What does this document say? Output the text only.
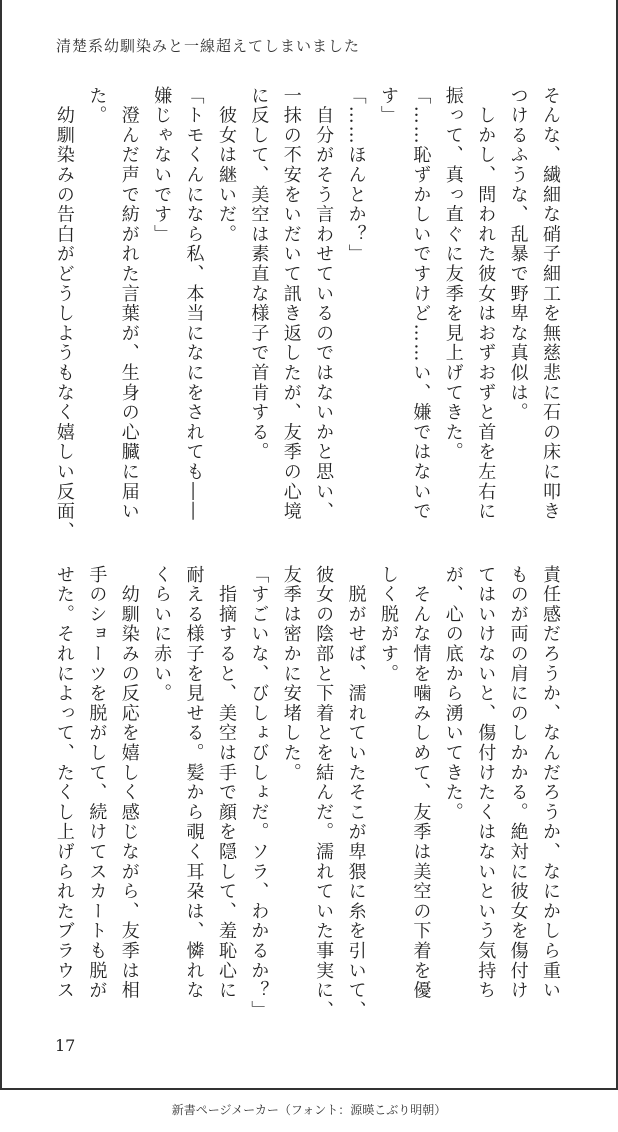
清楚系幼馴染みと一線超えてしまいました
そんな、繊細な硝子細工を無慈悲に石の床に叩き
つけるふうな、乱暴で野卑な真似は。
　しかし、問われた彼女はおずおずと首を左右に
振って、真っ直ぐに友季を見上げてきた。
「……恥ずかしいですけど……い、嫌ではないで
す」
「……ほんとか？」
　自分がそう言わせているのではないかと思い、
一抹の不安をいだいて訊き返したが、友季の心境
に反して、美空は素直な様子で首肯する。
　彼女は継いだ。
「トモくんになら私、本当になにをされても――
嫌じゃないです」
　澄んだ声で紡がれた言葉が、生身の心臓に届い
た。
　幼馴染みの告白がどうしようもなく嬉しい反面、
責任感だろうか、なんだろうか、なにかしら重い
ものが両の肩にのしかかる。絶対に彼女を傷付け
てはいけないと、傷付けたくはないという気持ち
が、心の底から湧いてきた。
　そんな情を噛みしめて、友季は美空の下着を優
しく脱がす。
　脱がせば、濡れていたそこが卑猥に糸を引いて、
彼女の陰部と下着とを結んだ。濡れていた事実に、
友季は密かに安堵した。
「すごいな、びしょびしょだ。ソラ、わかるか？」
　指摘すると、美空は手で顔を隠して、羞恥心に
耐える様子を見せる。髪から覗く耳朶は、憐れな
くらいに赤い。
　幼馴染みの反応を嬉しく感じながら、友季は相
手のショーツを脱がして、続けてスカートも脱が
せた。それによって、たくし上げられたブラウス
17
新書ページメーカー（フォント：源暎こぶり明朝）
